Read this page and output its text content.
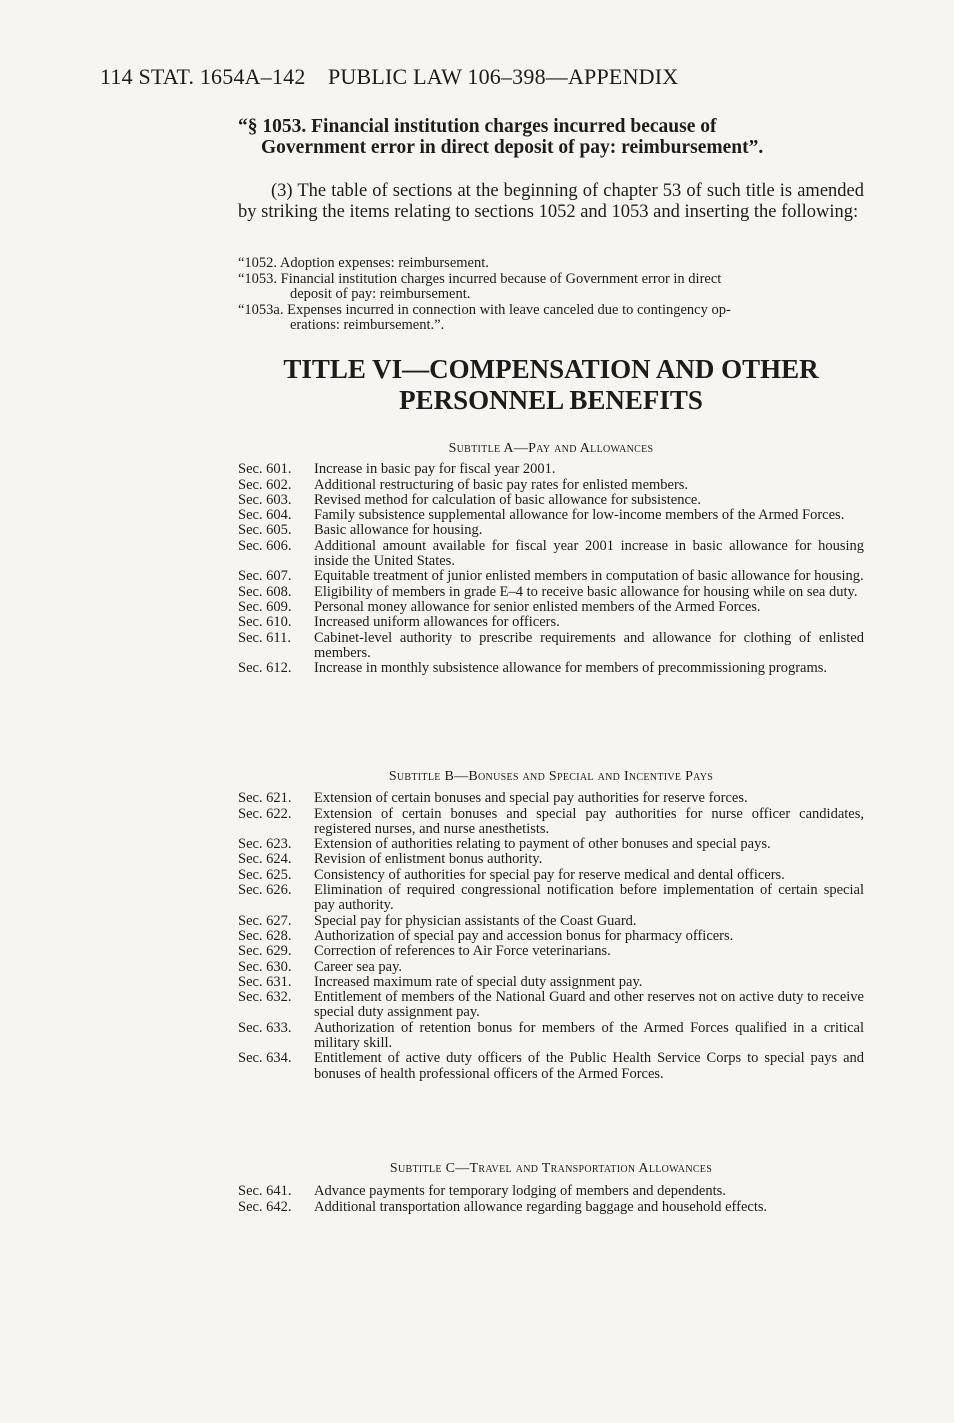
114 STAT. 1654A–142 PUBLIC LAW 106–398—APPENDIX
“§ 1053. Financial institution charges incurred because of
Government error in direct deposit of pay: reimbursement”.
(3) The table of sections at the beginning of chapter 53 of such title is amended by striking the items relating to sections 1052 and 1053 and inserting the following:
“1052. Adoption expenses: reimbursement.
“1053. Financial institution charges incurred because of Government error in direct
deposit of pay: reimbursement.
“1053a. Expenses incurred in connection with leave canceled due to contingency op-
erations: reimbursement.”.
TITLE VI—COMPENSATION AND OTHER
PERSONNEL BENEFITS

Subtitle A—Pay and Allowances

Sec. 601.	Increase in basic pay for fiscal year 2001.
Sec. 602.	Additional restructuring of basic pay rates for enlisted members.
Sec. 603.	Revised method for calculation of basic allowance for subsistence.
Sec. 604.	Family subsistence supplemental allowance for low-income members of the Armed Forces.
Sec. 605.	Basic allowance for housing.
Sec. 606.	Additional amount available for fiscal year 2001 increase in basic allowance for housing inside the United States.
Sec. 607.	Equitable treatment of junior enlisted members in computation of basic allowance for housing.
Sec. 608.	Eligibility of members in grade E–4 to receive basic allowance for housing while on sea duty.
Sec. 609.	Personal money allowance for senior enlisted members of the Armed Forces.
Sec. 610.	Increased uniform allowances for officers.
Sec. 611.	Cabinet-level authority to prescribe requirements and allowance for clothing of enlisted members.
Sec. 612.	Increase in monthly subsistence allowance for members of precommissioning programs.

Subtitle B—Bonuses and Special and Incentive Pays

Sec. 621.	Extension of certain bonuses and special pay authorities for reserve forces.
Sec. 622.	Extension of certain bonuses and special pay authorities for nurse officer candidates, registered nurses, and nurse anesthetists.
Sec. 623.	Extension of authorities relating to payment of other bonuses and special pays.
Sec. 624.	Revision of enlistment bonus authority.
Sec. 625.	Consistency of authorities for special pay for reserve medical and dental officers.
Sec. 626.	Elimination of required congressional notification before implementation of certain special pay authority.
Sec. 627.	Special pay for physician assistants of the Coast Guard.
Sec. 628.	Authorization of special pay and accession bonus for pharmacy officers.
Sec. 629.	Correction of references to Air Force veterinarians.
Sec. 630.	Career sea pay.
Sec. 631.	Increased maximum rate of special duty assignment pay.
Sec. 632.	Entitlement of members of the National Guard and other reserves not on active duty to receive special duty assignment pay.
Sec. 633.	Authorization of retention bonus for members of the Armed Forces qualified in a critical military skill.
Sec. 634.	Entitlement of active duty officers of the Public Health Service Corps to special pays and bonuses of health professional officers of the Armed Forces.

Subtitle C—Travel and Transportation Allowances

Sec. 641.	Advance payments for temporary lodging of members and dependents.
Sec. 642.	Additional transportation allowance regarding baggage and household effects.
